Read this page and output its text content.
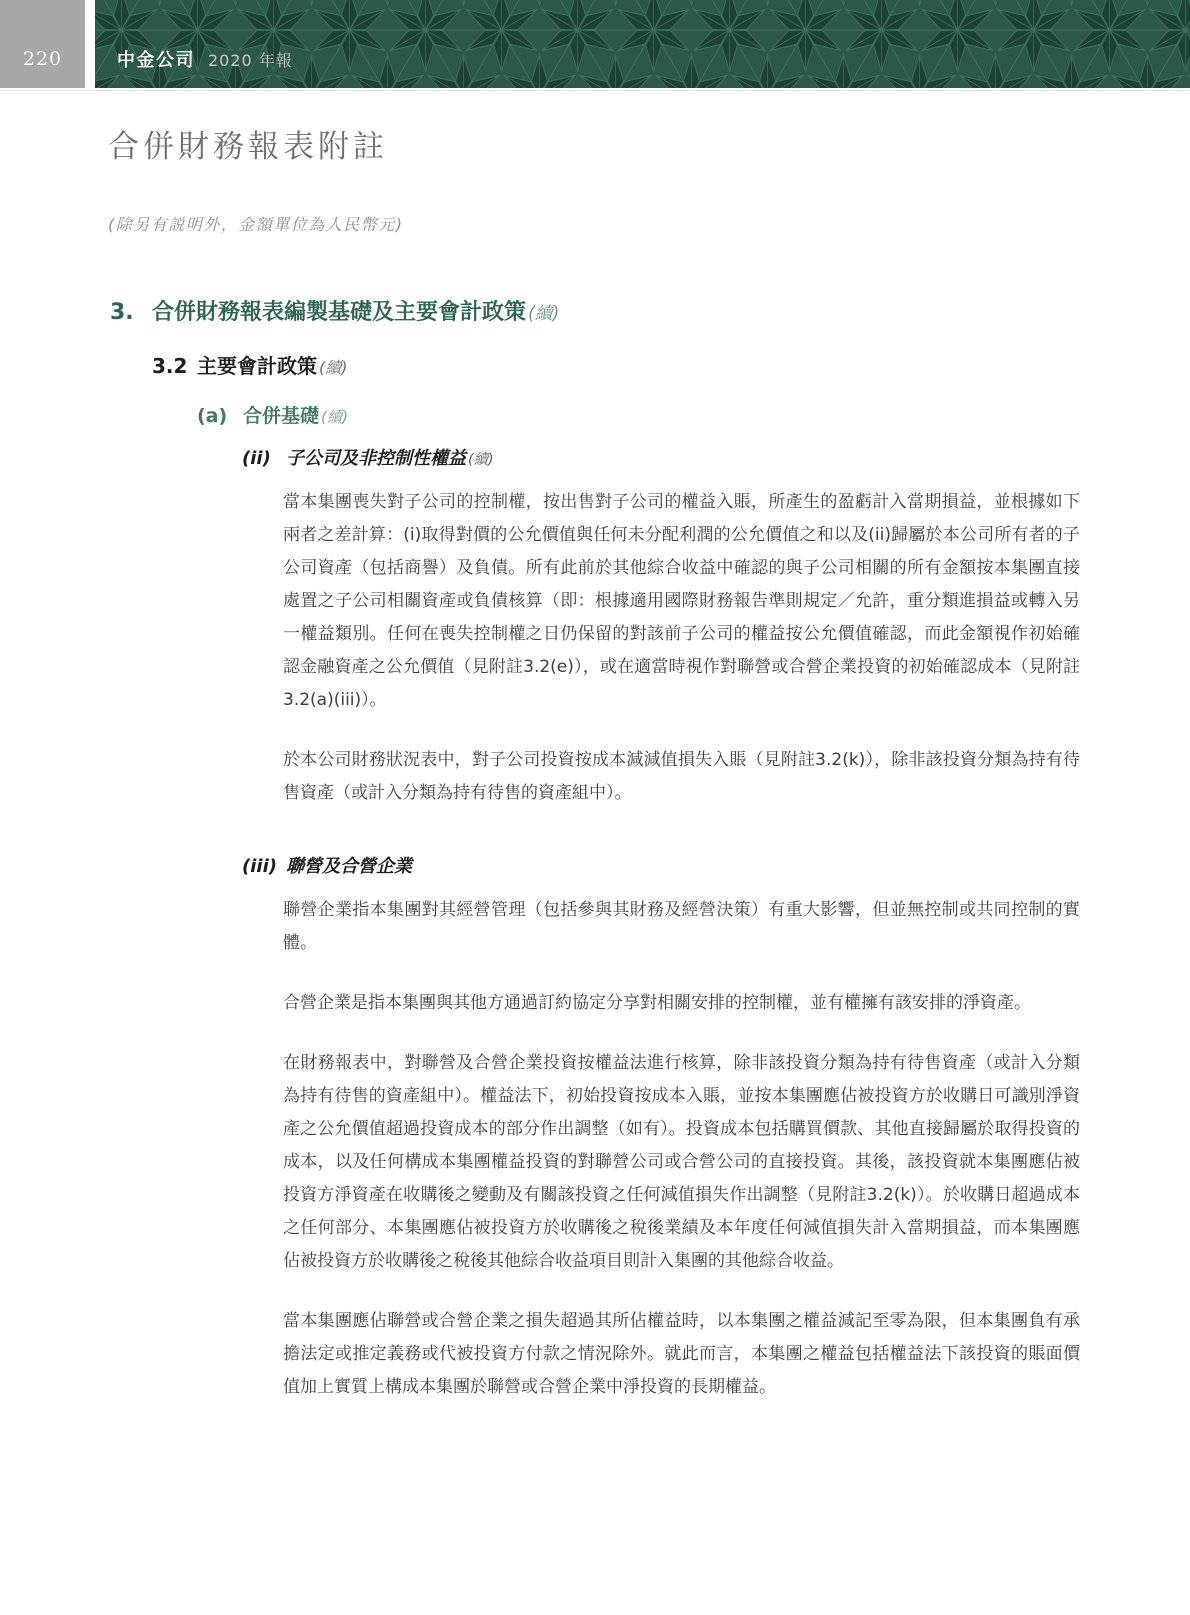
220	中金公司 2020 年報
合併財務報表附註
(除另有説明外，金額單位為人民幣元)
3. 合併財務報表編製基礎及主要會計政策 (續)
3.2 主要會計政策 (續)
(a) 合併基礎 (續)
(ii) 子公司及非控制性權益 (續)

當本集團喪失對子公司的控制權，按出售對子公司的權益入賬，所產生的盈虧計入當期損益，並根據如下兩者之差計算：(i)取得對價的公允價值與任何未分配利潤的公允價值之和以及(ii)歸屬於本公司所有者的子公司資產（包括商譽）及負債。所有此前於其他綜合收益中確認的與子公司相關的所有金額按本集團直接處置之子公司相關資產或負債核算（即：根據適用國際財務報告準則規定／允許，重分類進損益或轉入另一權益類別。任何在喪失控制權之日仍保留的對該前子公司的權益按公允價值確認，而此金額視作初始確認金融資產之公允價值（見附註3.2(e)），或在適當時視作對聯營或合營企業投資的初始確認成本（見附註3.2(a)(iii)）。

於本公司財務狀況表中，對子公司投資按成本減減值損失入賬（見附註3.2(k)），除非該投資分類為持有待售資產（或計入分類為持有待售的資產組中）。

(iii) 聯營及合營企業

聯營企業指本集團對其經營管理（包括參與其財務及經營決策）有重大影響，但並無控制或共同控制的實體。

合營企業是指本集團與其他方通過訂約協定分享對相關安排的控制權，並有權擁有該安排的淨資產。

在財務報表中，對聯營及合營企業投資按權益法進行核算，除非該投資分類為持有待售資產（或計入分類為持有待售的資產組中）。權益法下，初始投資按成本入賬，並按本集團應佔被投資方於收購日可識別淨資產之公允價值超過投資成本的部分作出調整（如有）。投資成本包括購買價款、其他直接歸屬於取得投資的成本，以及任何構成本集團權益投資的對聯營公司或合營公司的直接投資。其後，該投資就本集團應佔被投資方淨資產在收購後之變動及有關該投資之任何減值損失作出調整（見附註3.2(k)）。於收購日超過成本之任何部分、本集團應佔被投資方於收購後之稅後業績及本年度任何減值損失計入當期損益，而本集團應佔被投資方於收購後之稅後其他綜合收益項目則計入集團的其他綜合收益。

當本集團應佔聯營或合營企業之損失超過其所佔權益時，以本集團之權益減記至零為限，但本集團負有承擔法定或推定義務或代被投資方付款之情況除外。就此而言，本集團之權益包括權益法下該投資的賬面價值加上實質上構成本集團於聯營或合營企業中淨投資的長期權益。
